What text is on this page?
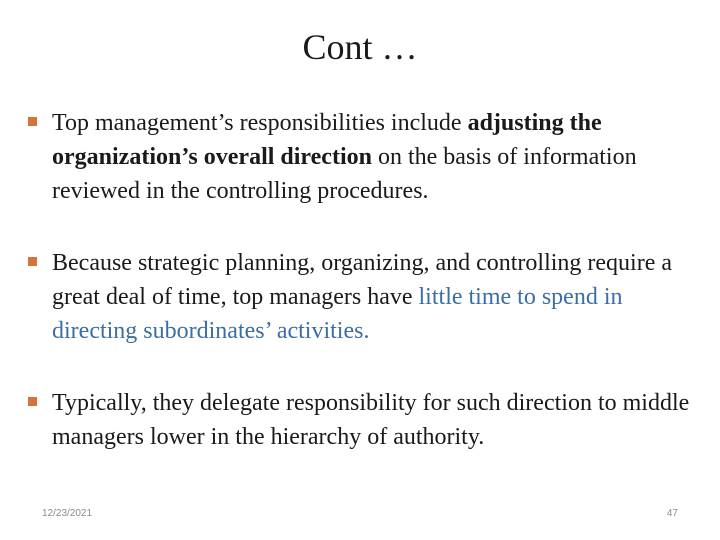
Cont …
Top management’s responsibilities include adjusting the organization’s overall direction on the basis of information reviewed in the controlling procedures.
Because strategic planning, organizing, and controlling require a great deal of time, top managers have little time to spend in directing subordinates’ activities.
Typically, they delegate responsibility for such direction to middle managers lower in the hierarchy of authority.
12/23/2021	47
